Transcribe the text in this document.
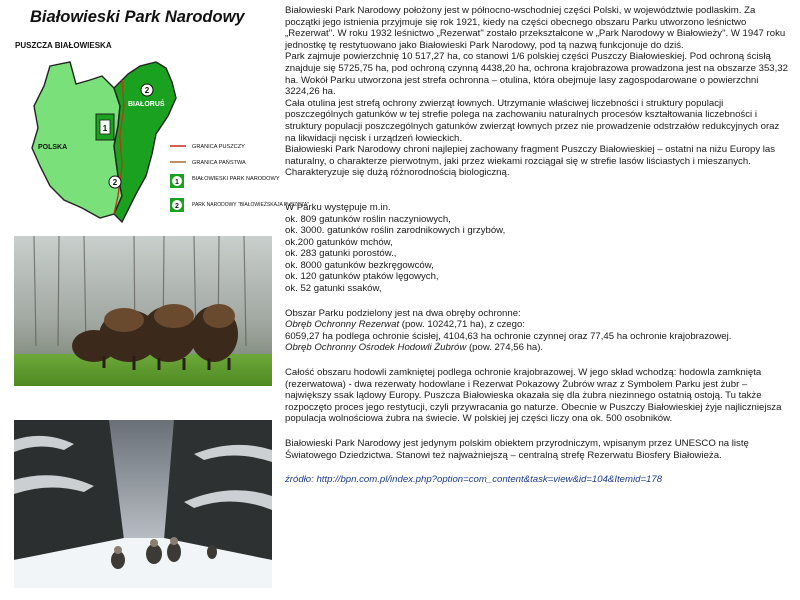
Białowieski Park Narodowy
PUSZCZA BIAŁOWIESKA
1
2
2
BIAŁORUŚ
POLSKA	GRANICA PUSZCZY
GRANICA PAŃSTWA
1 BIAŁOWIESKI PARK NARODOWY
2	PARK NARODOWY "BIAŁOWIEŻSKAJA PUSZCZA"

Białowieski Park Narodowy położony jest w północno-wschodniej części Polski, w województwie podlaskim. Za początki jego istnienia przyjmuje się rok 1921, kiedy na części obecnego obszaru Parku utworzono leśnictwo „Rezerwat". W roku 1932 leśnictwo „Rezerwat" zostało przekształcone w „Park Narodowy w Białowieży". W 1947 roku jednostkę tę restytuowano jako Białowieski Park Narodowy, pod tą nazwą funkcjonuje do dziś.

Park zajmuje powierzchnię 10 517,27 ha, co stanowi 1/6 polskiej części Puszczy Białowieskiej. Pod ochroną ścisłą znajduje się 5725,75 ha, pod ochroną czynną 4438,20 ha, ochrona krajobrazowa prowadzona jest na obszarze 353,32 ha. Wokół Parku utworzona jest strefa ochronna – otulina, która obejmuje lasy zagospodarowane o powierzchni 3224,26 ha.

Cała otulina jest strefą ochrony zwierząt łownych. Utrzymanie właściwej liczebności i struktury populacji poszczególnych gatunków w tej strefie polega na zachowaniu naturalnych procesów kształtowania liczebności i struktury populacji poszczególnych gatunków zwierząt łownych przez nie prowadzenie odstrzałów redukcyjnych oraz na likwidacji nęcisk i urządzeń łowieckich.

Białowieski Park Narodowy chroni najlepiej zachowany fragment Puszczy Białowieskiej – ostatni na niżu Europy las naturalny, o charakterze pierwotnym, jaki przez wiekami rozciągał się w strefie lasów liściastych i mieszanych. Charakteryzuje się dużą różnorodnością biologiczną.

W Parku występuje m.in.

ok. 809 gatunków roślin naczyniowych,

ok. 3000. gatunków roślin zarodnikowych i grzybów,

ok.200 gatunków mchów,

ok. 283 gatunki porostów.,

ok. 8000 gatunków bezkręgowców,

ok. 120 gatunków ptaków lęgowych,

ok. 52 gatunki ssaków,

Obszar Parku podzielony jest na dwa obręby ochronne:

Obręb Ochronny Rezerwat (pow. 10242,71 ha), z czego:

6059,27 ha podlega ochronie ścisłej, 4104,63 ha ochronie czynnej oraz 77,45 ha ochronie krajobrazowej.

Obręb Ochronny Ośrodek Hodowli Żubrów (pow. 274,56 ha).

Całość obszaru hodowli zamkniętej podlega ochronie krajobrazowej. W jego skład wchodzą: hodowla zamknięta (rezerwatowa) - dwa rezerwaty hodowlane i Rezerwat Pokazowy Żubrów wraz z Symbolem Parku jest żubr – największy ssak lądowy Europy. Puszcza Białowieska okazała się dla żubra niezinnego ostatnią ostoją. Tu także rozpoczęto proces jego restytucji, czyli przywracania go naturze. Obecnie w Puszczy Białowieskiej żyje najliczniejsza populacja wolnościowa żubra na świecie. W polskiej jej części liczy ona ok. 500 osobników.

Białowieski Park Narodowy jest jedynym polskim obiektem przyrodniczym, wpisanym przez UNESCO na listę Światowego Dziedzictwa. Stanowi też najważniejszą – centralną strefę Rezerwatu Biosfery Białowieża.

źródło: http://bpn.com.pl/index.php?option=com_content&task=view&id=104&Itemid=178
